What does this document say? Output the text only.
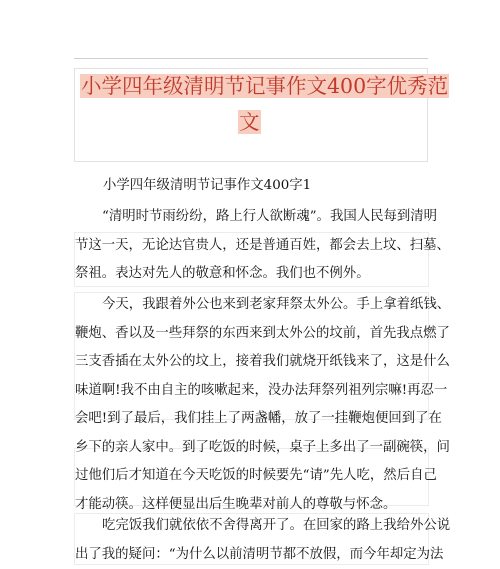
小学四年级清明节记事作文400字优秀范
文
小学四年级清明节记事作文400字1
“清明时节雨纷纷，路上行人欲断魂”。我国人民每到清明
节这一天，无论达官贵人，还是普通百姓，都会去上坟、扫墓、
祭祖。表达对先人的敬意和怀念。我们也不例外。
今天，我跟着外公也来到老家拜祭太外公。手上拿着纸钱、
鞭炮、香以及一些拜祭的东西来到太外公的坟前，首先我点燃了
三支香插在太外公的坟上，接着我们就烧开纸钱来了，这是什么
味道啊!我不由自主的咳嗽起来，没办法拜祭列祖列宗嘛!再忍一
会吧!到了最后，我们挂上了两盏幡，放了一挂鞭炮便回到了在
乡下的亲人家中。到了吃饭的时候，桌子上多出了一副碗筷，问
过他们后才知道在今天吃饭的时候要先“请”先人吃，然后自己
才能动筷。这样便显出后生晚辈对前人的尊敬与怀念。
吃完饭我们就依依不舍得离开了。在回家的路上我给外公说
出了我的疑问：“为什么以前清明节都不放假，而今年却定为法
